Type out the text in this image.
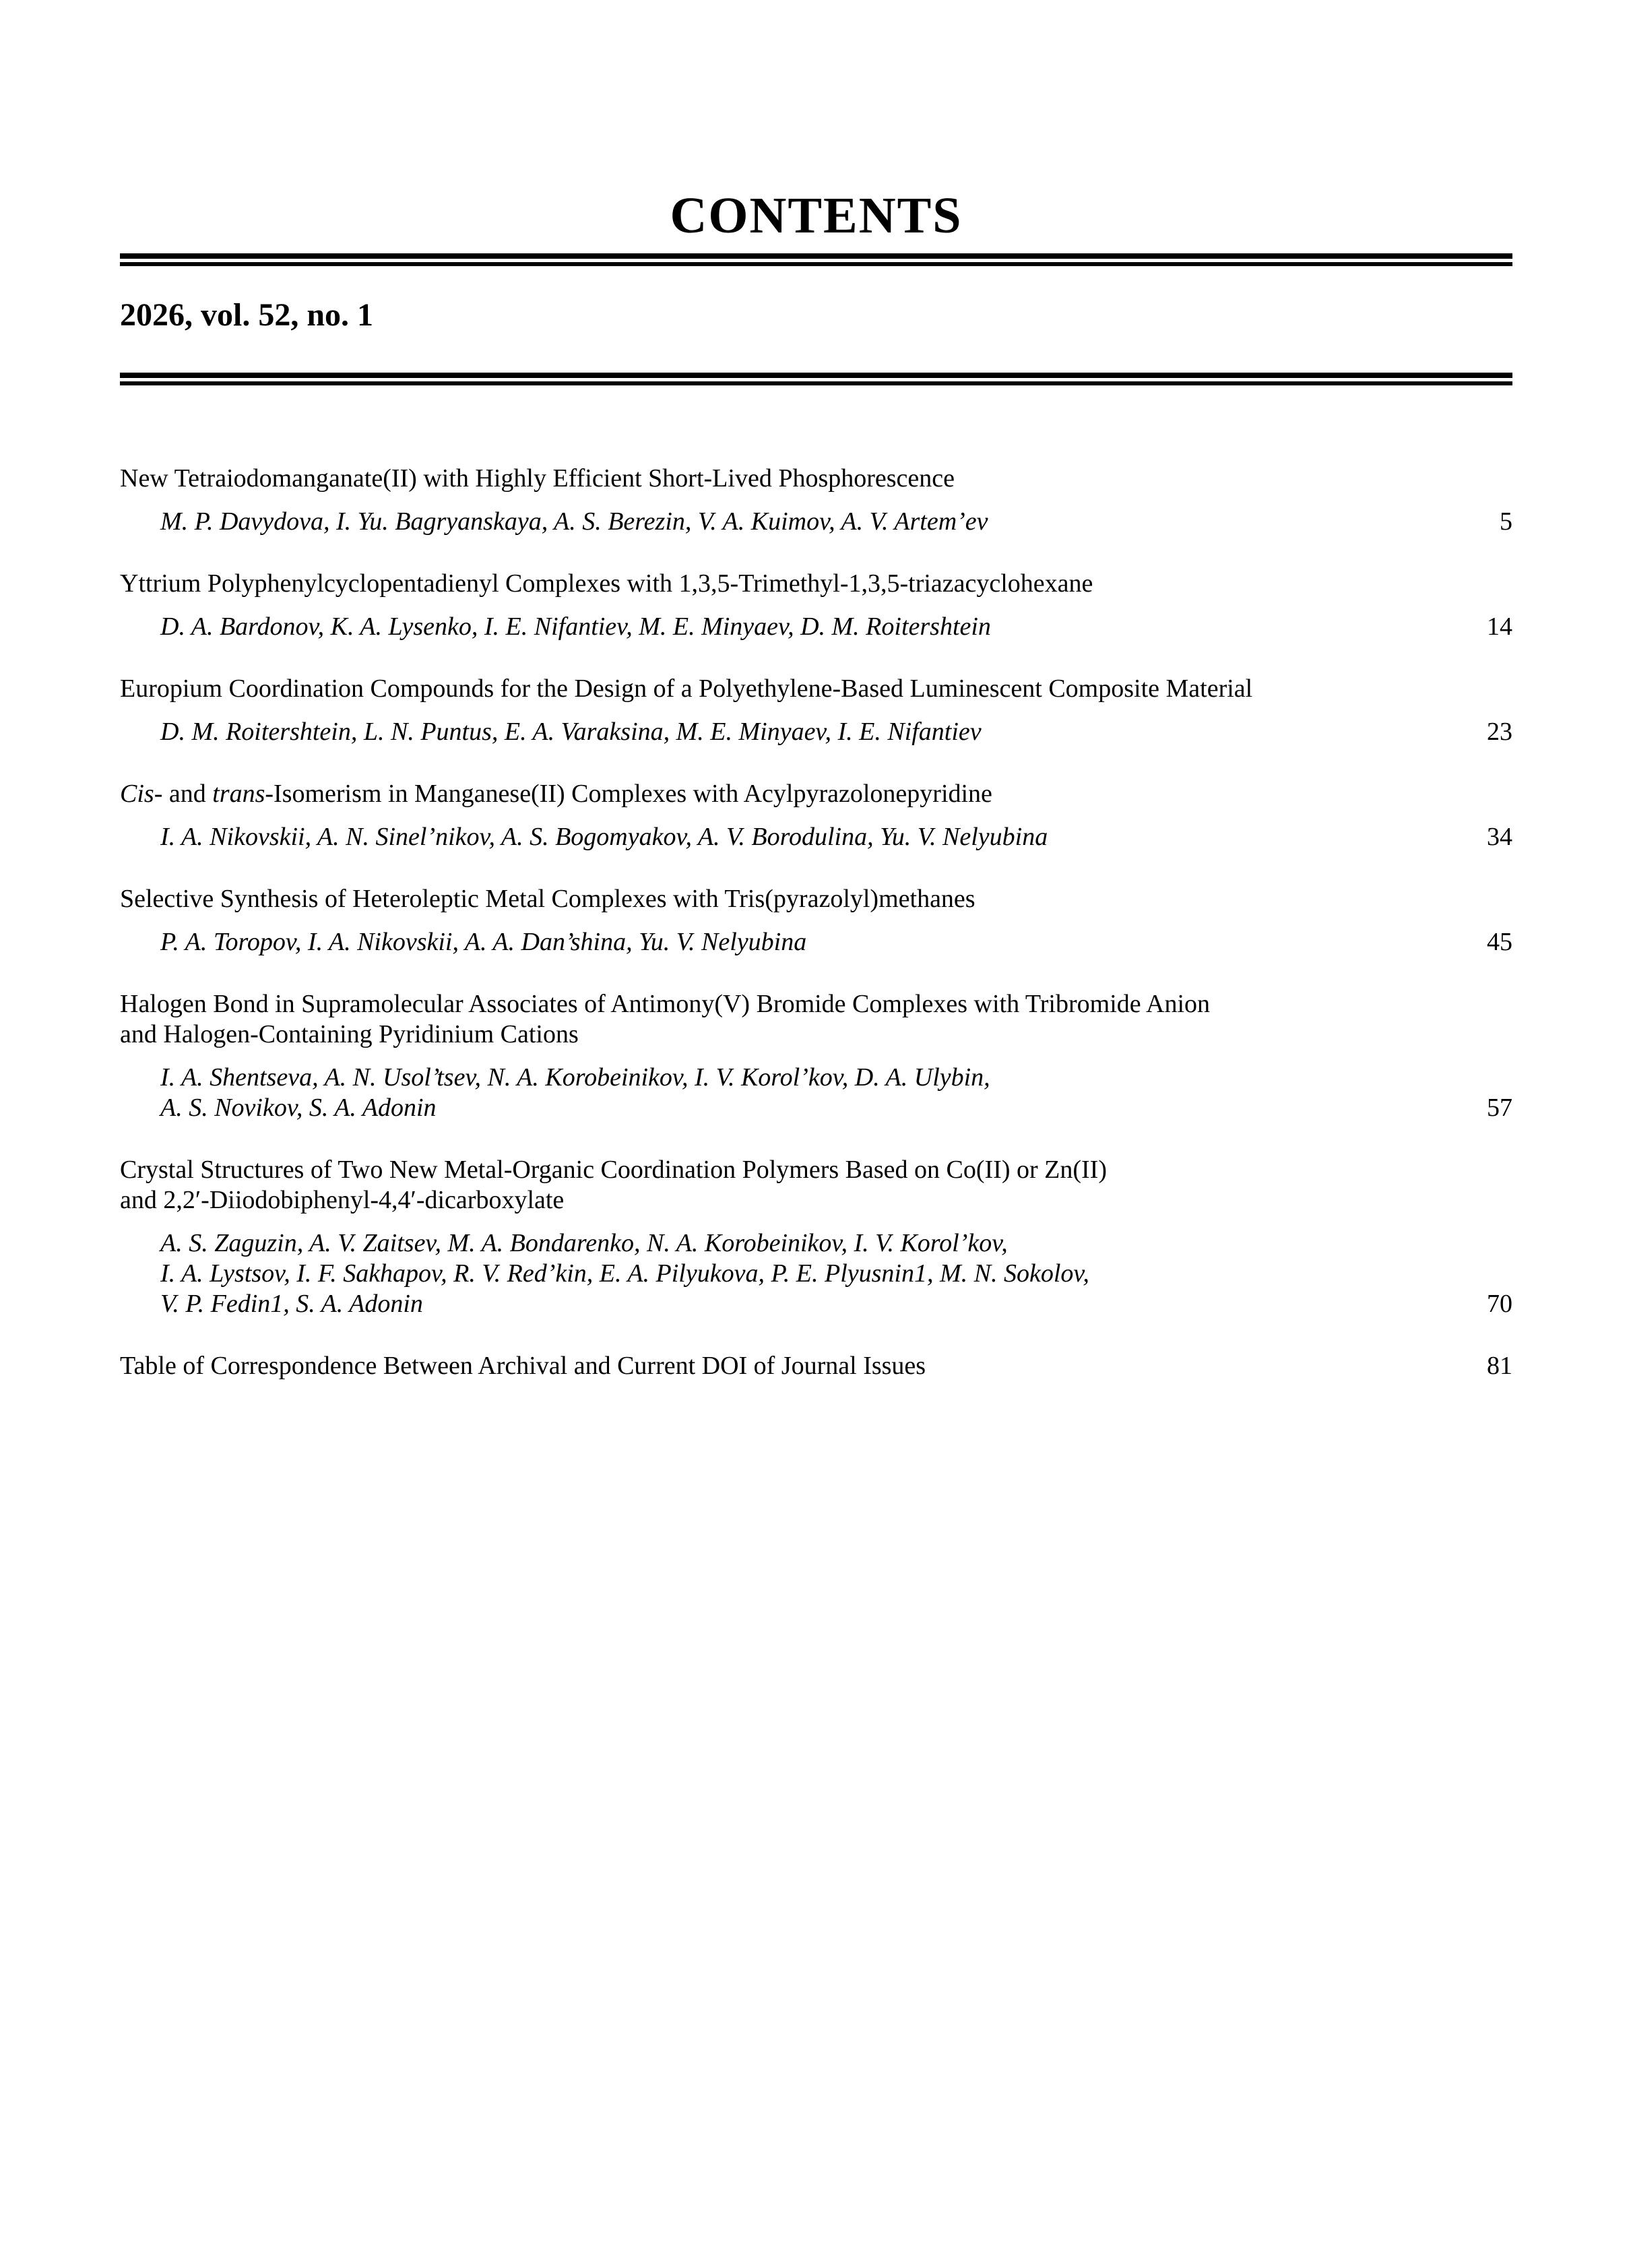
CONTENTS
2026, vol. 52, no. 1
New Tetraiodomanganate(II) with Highly Efficient Short-Lived Phosphorescence
M. P. Davydova, I. Yu. Bagryanskaya, A. S. Berezin, V. A. Kuimov, A. V. Artem’ev	5
Yttrium Polyphenylcyclopentadienyl Complexes with 1,3,5-Trimethyl-1,3,5-triazacyclohexane
D. A. Bardonov, K. A. Lysenko, I. E. Nifantiev, M. E. Minyaev, D. M. Roitershtein	14
Europium Coordination Compounds for the Design of a Polyethylene-Based Luminescent Composite Material
D. M. Roitershtein, L. N. Puntus, E. A. Varaksina, M. E. Minyaev, I. E. Nifantiev	23
Cis- and trans-Isomerism in Manganese(II) Complexes with Acylpyrazolonepyridine
I. A. Nikovskii, A. N. Sinel’nikov, A. S. Bogomyakov, A. V. Borodulina, Yu. V. Nelyubina	34
Selective Synthesis of Heteroleptic Metal Complexes with Tris(pyrazolyl)methanes
P. A. Toropov, I. A. Nikovskii, A. A. Dan’shina, Yu. V. Nelyubina	45
Halogen Bond in Supramolecular Associates of Antimony(V) Bromide Complexes with Tribromide Anion
and Halogen-Containing Pyridinium Cations
I. A. Shentseva, A. N. Usol’tsev, N. A. Korobeinikov, I. V. Korol’kov, D. A. Ulybin,
A. S. Novikov, S. A. Adonin	57
Crystal Structures of Two New Metal-Organic Coordination Polymers Based on Co(II) or Zn(II)
and 2,2′-Diiodobiphenyl-4,4′-dicarboxylate
A. S. Zaguzin, A. V. Zaitsev, M. A. Bondarenko, N. A. Korobeinikov, I. V. Korol’kov,
I. A. Lystsov, I. F. Sakhapov, R. V. Red’kin, E. A. Pilyukova, P. E. Plyusnin1, M. N. Sokolov,
V. P. Fedin1, S. A. Adonin	70
Table of Correspondence Between Archival and Current DOI of Journal Issues	81
